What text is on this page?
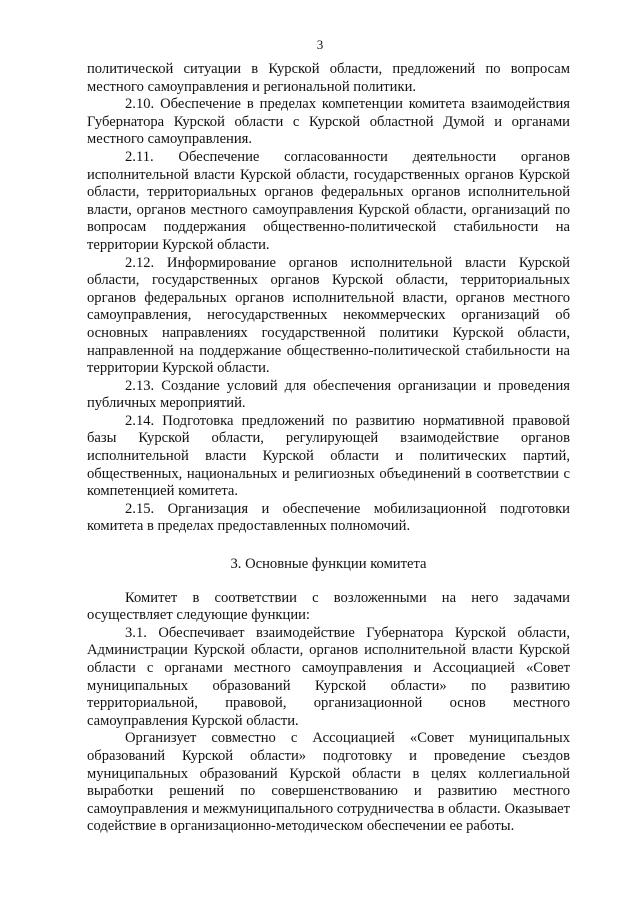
3

политической ситуации в Курской области, предложений по вопросам местного самоуправления и региональной политики.

2.10. Обеспечение в пределах компетенции комитета взаимодействия Губернатора Курской области с Курской областной Думой и органами местного самоуправления.

2.11. Обеспечение согласованности деятельности органов исполнительной власти Курской области, государственных органов Курской области, территориальных органов федеральных органов исполнительной власти, органов местного самоуправления Курской области, организаций по вопросам поддержания общественно-политической стабильности на территории Курской области.

2.12. Информирование органов исполнительной власти Курской области, государственных органов Курской области, территориальных органов федеральных органов исполнительной власти, органов местного самоуправления, негосударственных некоммерческих организаций об основных направлениях государственной политики Курской области, направленной на поддержание общественно-политической стабильности на территории Курской области.

2.13. Создание условий для обеспечения организации и проведения публичных мероприятий.

2.14. Подготовка предложений по развитию нормативной правовой базы Курской области, регулирующей взаимодействие органов исполнительной власти Курской области и политических партий, общественных, национальных и религиозных объединений в соответствии с компетенцией комитета.

2.15. Организация и обеспечение мобилизационной подготовки комитета в пределах предоставленных полномочий.

3. Основные функции комитета

Комитет в соответствии с возложенными на него задачами осуществляет следующие функции:

3.1. Обеспечивает взаимодействие Губернатора Курской области, Администрации Курской области, органов исполнительной власти Курской области с органами местного самоуправления и Ассоциацией «Совет муниципальных образований Курской области» по развитию территориальной, правовой, организационной основ местного самоуправления Курской области.

Организует совместно с Ассоциацией «Совет муниципальных образований Курской области» подготовку и проведение съездов муниципальных образований Курской области в целях коллегиальной выработки решений по совершенствованию и развитию местного самоуправления и межмуниципального сотрудничества в области. Оказывает содействие в организационно-методическом обеспечении ее работы.
